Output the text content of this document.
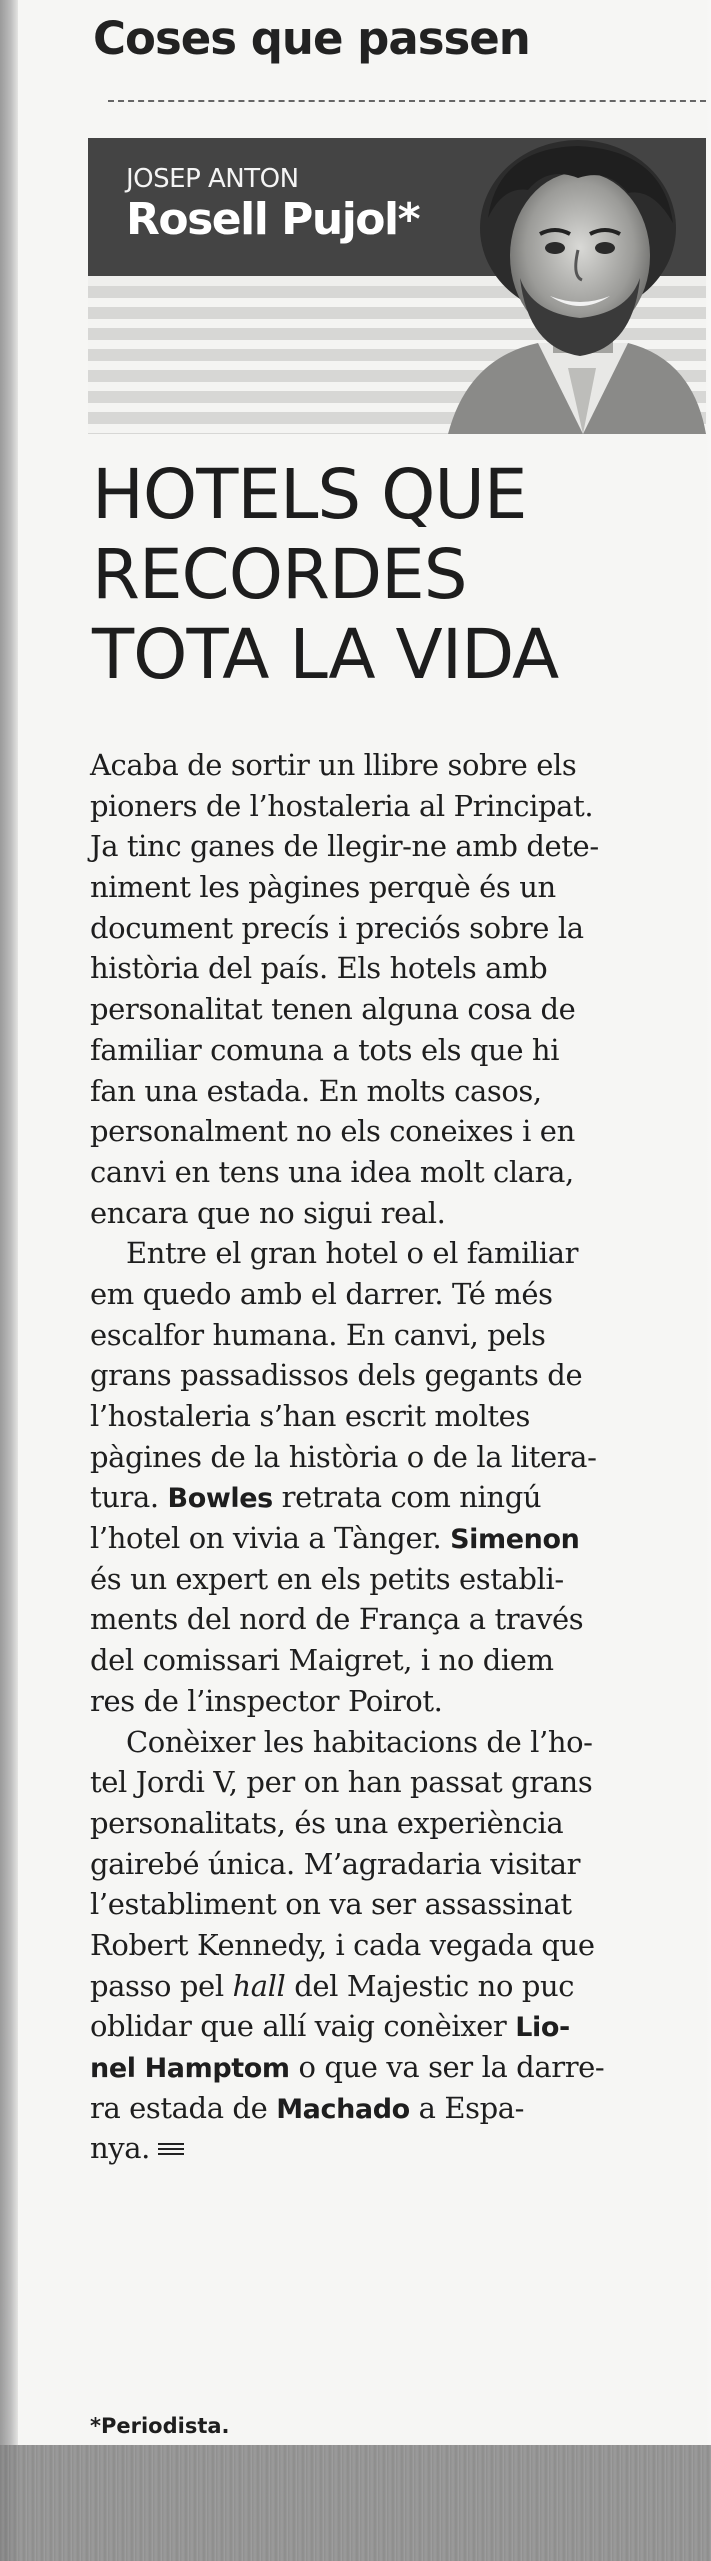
Coses que passen
JOSEP ANTON
Rosell Pujol*
HOTELS QUE
RECORDES
TOTA LA VIDA
Acaba de sortir un llibre sobre els
pioners de l’hostaleria al Principat.
Ja tinc ganes de llegir-ne amb dete-
niment les pàgines perquè és un
document precís i preciós sobre la
història del país. Els hotels amb
personalitat tenen alguna cosa de
familiar comuna a tots els que hi
fan una estada. En molts casos,
personalment no els coneixes i en
canvi en tens una idea molt clara,
encara que no sigui real.
Entre el gran hotel o el familiar
em quedo amb el darrer. Té més
escalfor humana. En canvi, pels
grans passadissos dels gegants de
l’hostaleria s’han escrit moltes
pàgines de la història o de la litera-
tura. Bowles retrata com ningú
l’hotel on vivia a Tànger. Simenon
és un expert en els petits establi-
ments del nord de França a través
del comissari Maigret, i no diem
res de l’inspector Poirot.
Conèixer les habitacions de l’ho-
tel Jordi V, per on han passat grans
personalitats, és una experiència
gairebé única. M’agradaria visitar
l’establiment on va ser assassinat
Robert Kennedy, i cada vegada que
passo pel hall del Majestic no puc
oblidar que allí vaig conèixer Lio-
nel Hamptom o que va ser la darre-
ra estada de Machado a Espa-
nya.
*Periodista.
